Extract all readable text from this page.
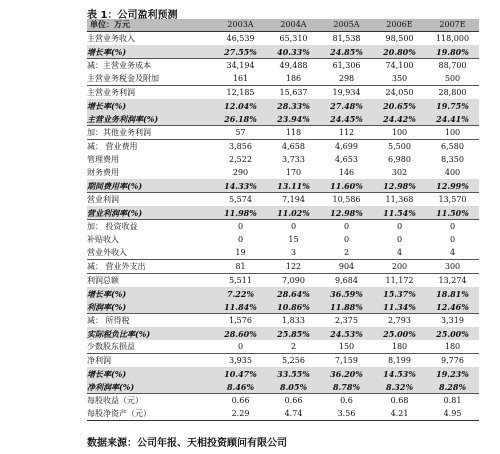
表 1：公司盈利预测
单位：万元	2003A	2004A	2005A	2006E	2007E
主营业务收入	46,539	65,310	81,538	98,500	118,000
增长率(%)	27.55%	40.33%	24.85%	20.80%	19.80%
减：主营业务成本	34,194	49,488	61,306	74,100	88,700
主营业务税金及附加	161	186	298	350	500
主营业务利润	12,185	15,637	19,934	24,050	28,800
增长率(%)	12.04%	28.33%	27.48%	20.65%	19.75%
主营业务利润率(%)	26.18%	23.94%	24.45%	24.42%	24.41%
加：其他业务利润	57	118	112	100	100
减： 营业费用	3,856	4,658	4,699	5,500	6,580
管理费用	2,522	3,733	4,653	6,980	8,350
财务费用	290	170	146	302	400
期间费用率(%)	14.33%	13.11%	11.60%	12.98%	12.99%
营业利润	5,574	7,194	10,586	11,368	13,570
营业利润率(%)	11.98%	11.02%	12.98%	11.54%	11.50%
加： 投资收益	0	0	0	0	0
补贴收入	0	15	0	0	0
营业外收入	19	3	2	4	4
减： 营业外支出	81	122	904	200	300
利润总额	5,511	7,090	9,684	11,172	13,274
增长率(%)	7.22%	28.64%	36.59%	15.37%	18.81%
利润率(%)	11.84%	10.86%	11.88%	11.34%	12.46%
减： 所得税	1,576	1,833	2,375	2,793	3,319
实际税负比率(%)	28.60%	25.85%	24.53%	25.00%	25.00%
少数股东损益	0	2	150	180	180
净利润	3,935	5,256	7,159	8,199	9,776
增长率(%)	10.47%	33.55%	36.20%	14.53%	19.23%
净利润率(%)	8.46%	8.05%	8.78%	8.32%	8.28%
每股收益（元）	0.66	0.66	0.6	0.68	0.81
每股净资产（元）	2.29	4.74	3.56	4.21	4.95
数据来源：公司年报、天相投资顾问有限公司
